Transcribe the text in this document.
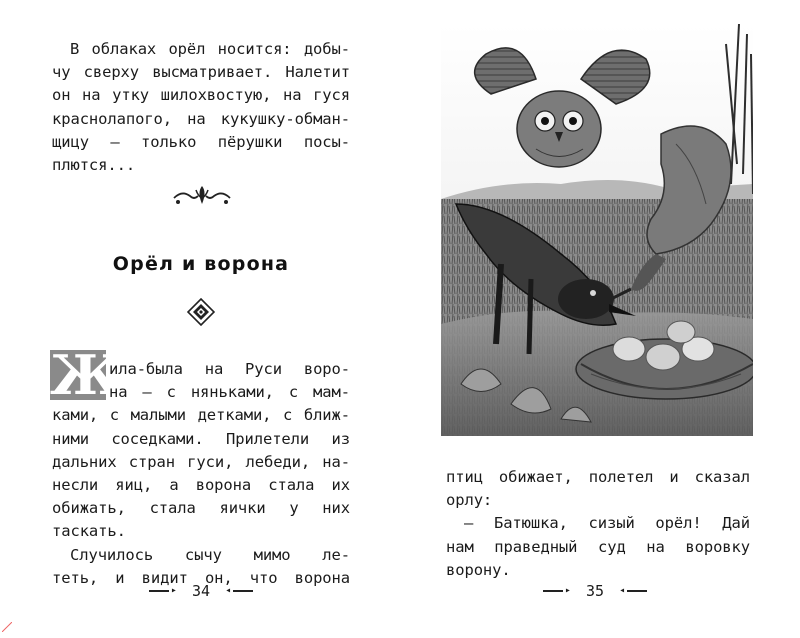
В облаках орёл носится: добы-
чу сверху высматривает. Налетит
он на утку шилохвостую, на гуся
краснолапого, на кукушку-обман-
щицу — только пёрушки посы-
плются...
Орёл и ворона
Ж
ила-была на Руси воро-
на — с няньками, с мам-
ками, с малыми детками, с ближ-
ними соседками. Прилетели из
дальних стран гуси, лебеди, на-
несли яиц, а ворона стала их
обижать, стала яички у них
таскать.
Случилось сычу мимо ле-
теть, и видит он, что ворона
▸ 34 ◂
птиц обижает, полетел и сказал
орлу:
— Батюшка, сизый орёл! Дай
нам праведный суд на воровку
ворону.
▸ 35 ◂
